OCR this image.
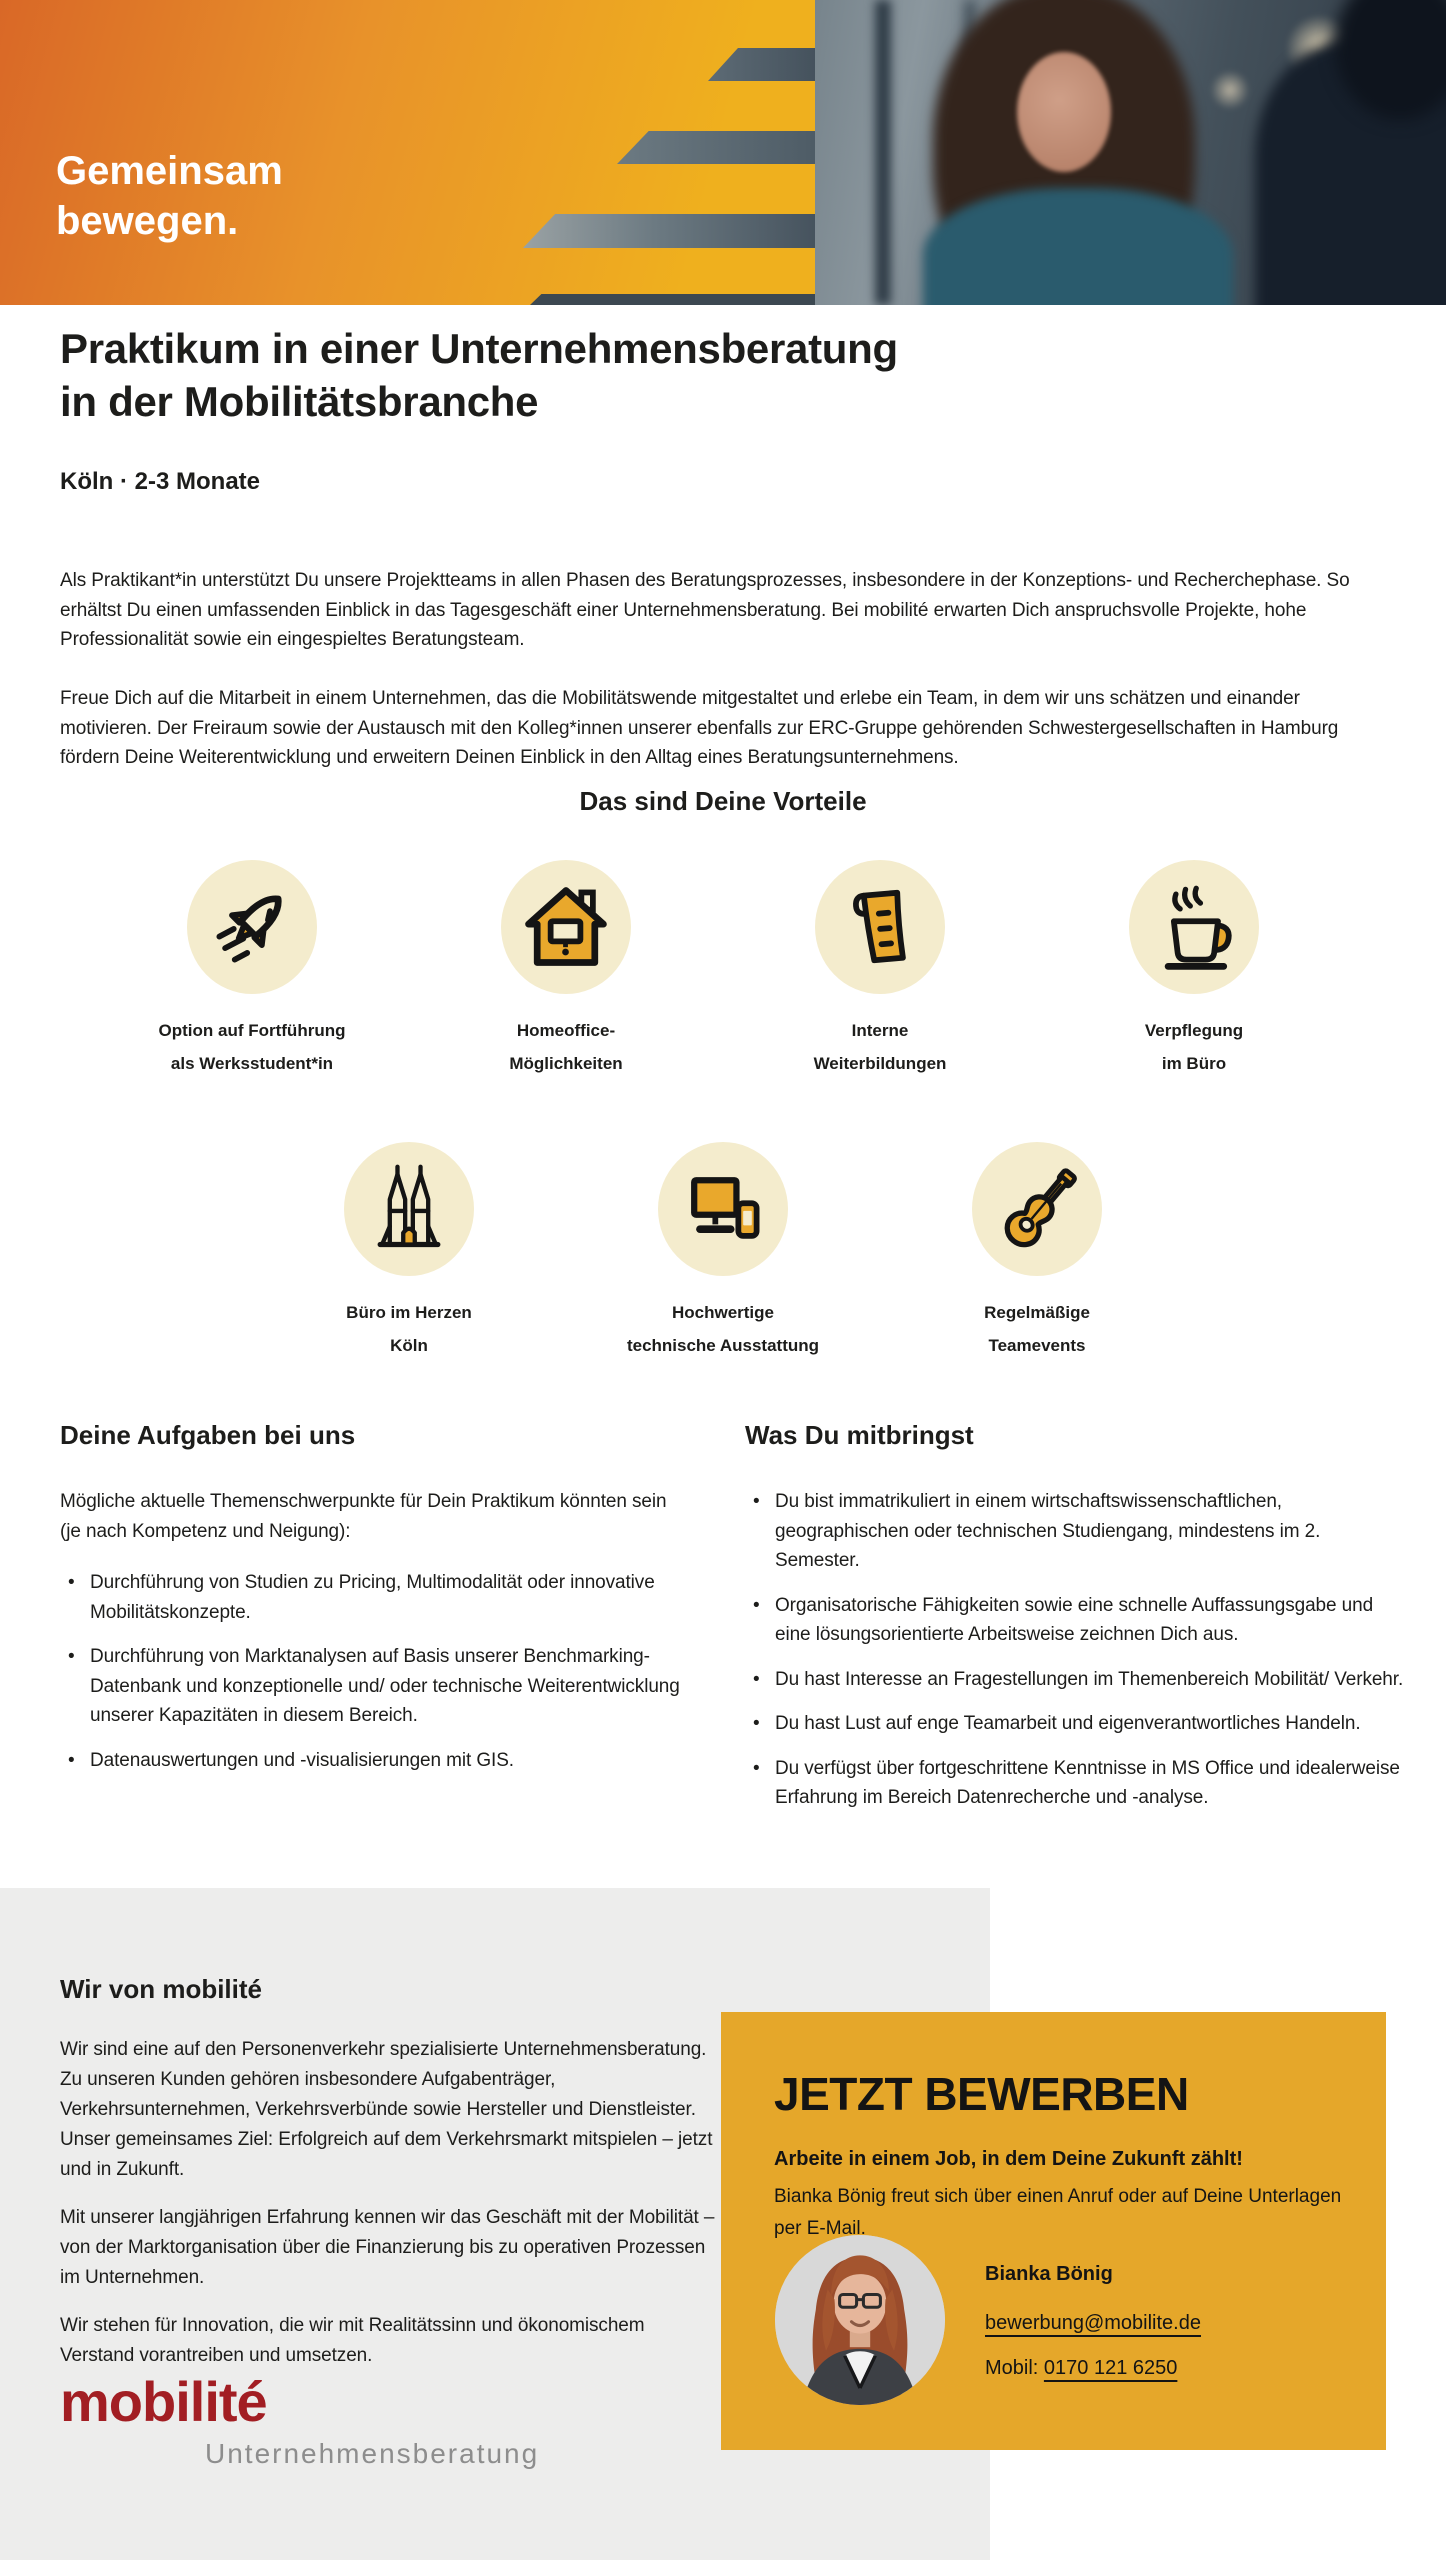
Gemeinsam
bewegen.
Praktikum in einer Unternehmensberatung
in der Mobilitätsbranche
Köln · 2-3 Monate
Als Praktikant*in unterstützt Du unsere Projektteams in allen Phasen des Beratungsprozesses, insbesondere in der Konzeptions- und Recherchephase. So erhältst Du einen umfassenden Einblick in das Tagesgeschäft einer Unternehmensberatung. Bei mobilité erwarten Dich anspruchsvolle Projekte, hohe Professionalität sowie ein eingespieltes Beratungsteam.
Freue Dich auf die Mitarbeit in einem Unternehmen, das die Mobilitätswende mitgestaltet und erlebe ein Team, in dem wir uns schätzen und einander motivieren. Der Freiraum sowie der Austausch mit den Kolleg*innen unserer ebenfalls zur ERC-Gruppe gehörenden Schwestergesellschaften in Hamburg fördern Deine Weiterentwicklung und erweitern Deinen Einblick in den Alltag eines Beratungsunternehmens.
Das sind Deine Vorteile
Option auf Fortführung
als Werksstudent*in
Homeoffice-
Möglichkeiten
Interne
Weiterbildungen
Verpflegung
im Büro
Büro im Herzen
Köln
Hochwertige
technische Ausstattung
Regelmäßige
Teamevents
Deine Aufgaben bei uns
Mögliche aktuelle Themenschwerpunkte für Dein Praktikum könnten sein (je nach Kompetenz und Neigung):
• Durchführung von Studien zu Pricing, Multimodalität oder innovative Mobilitätskonzepte.
• Durchführung von Marktanalysen auf Basis unserer Benchmarking-Datenbank und konzeptionelle und/ oder technische Weiterentwicklung unserer Kapazitäten in diesem Bereich.
• Datenauswertungen und -visualisierungen mit GIS.
Was Du mitbringst
• Du bist immatrikuliert in einem wirtschaftswissenschaftlichen, geographischen oder technischen Studiengang, mindestens im 2. Semester.
• Organisatorische Fähigkeiten sowie eine schnelle Auffassungsgabe und eine lösungsorientierte Arbeitsweise zeichnen Dich aus.
• Du hast Interesse an Fragestellungen im Themenbereich Mobilität/ Verkehr.
• Du hast Lust auf enge Teamarbeit und eigenverantwortliches Handeln.
• Du verfügst über fortgeschrittene Kenntnisse in MS Office und idealerweise Erfahrung im Bereich Datenrecherche und -analyse.
Wir von mobilité

Wir sind eine auf den Personenverkehr spezialisierte Unternehmensberatung. Zu unseren Kunden gehören insbesondere Aufgabenträger, Verkehrsunternehmen, Verkehrsverbünde sowie Hersteller und Dienstleister. Unser gemeinsames Ziel: Erfolgreich auf dem Verkehrsmarkt mitspielen – jetzt und in Zukunft.

Mit unserer langjährigen Erfahrung kennen wir das Geschäft mit der Mobilität – von der Marktorganisation über die Finanzierung bis zu operativen Prozessen im Unternehmen.

Wir stehen für Innovation, die wir mit Realitätssinn und ökonomischem Verstand vorantreiben und umsetzen.

JETZT BEWERBEN
Arbeite in einem Job, in dem Deine Zukunft zählt!
Bianka Bönig freut sich über einen Anruf oder auf Deine Unterlagen per E-Mail.
Bianka Bönig
bewerbung@mobilite.de
Mobil: 0170 121 6250
mobilité
Unternehmensberatung
